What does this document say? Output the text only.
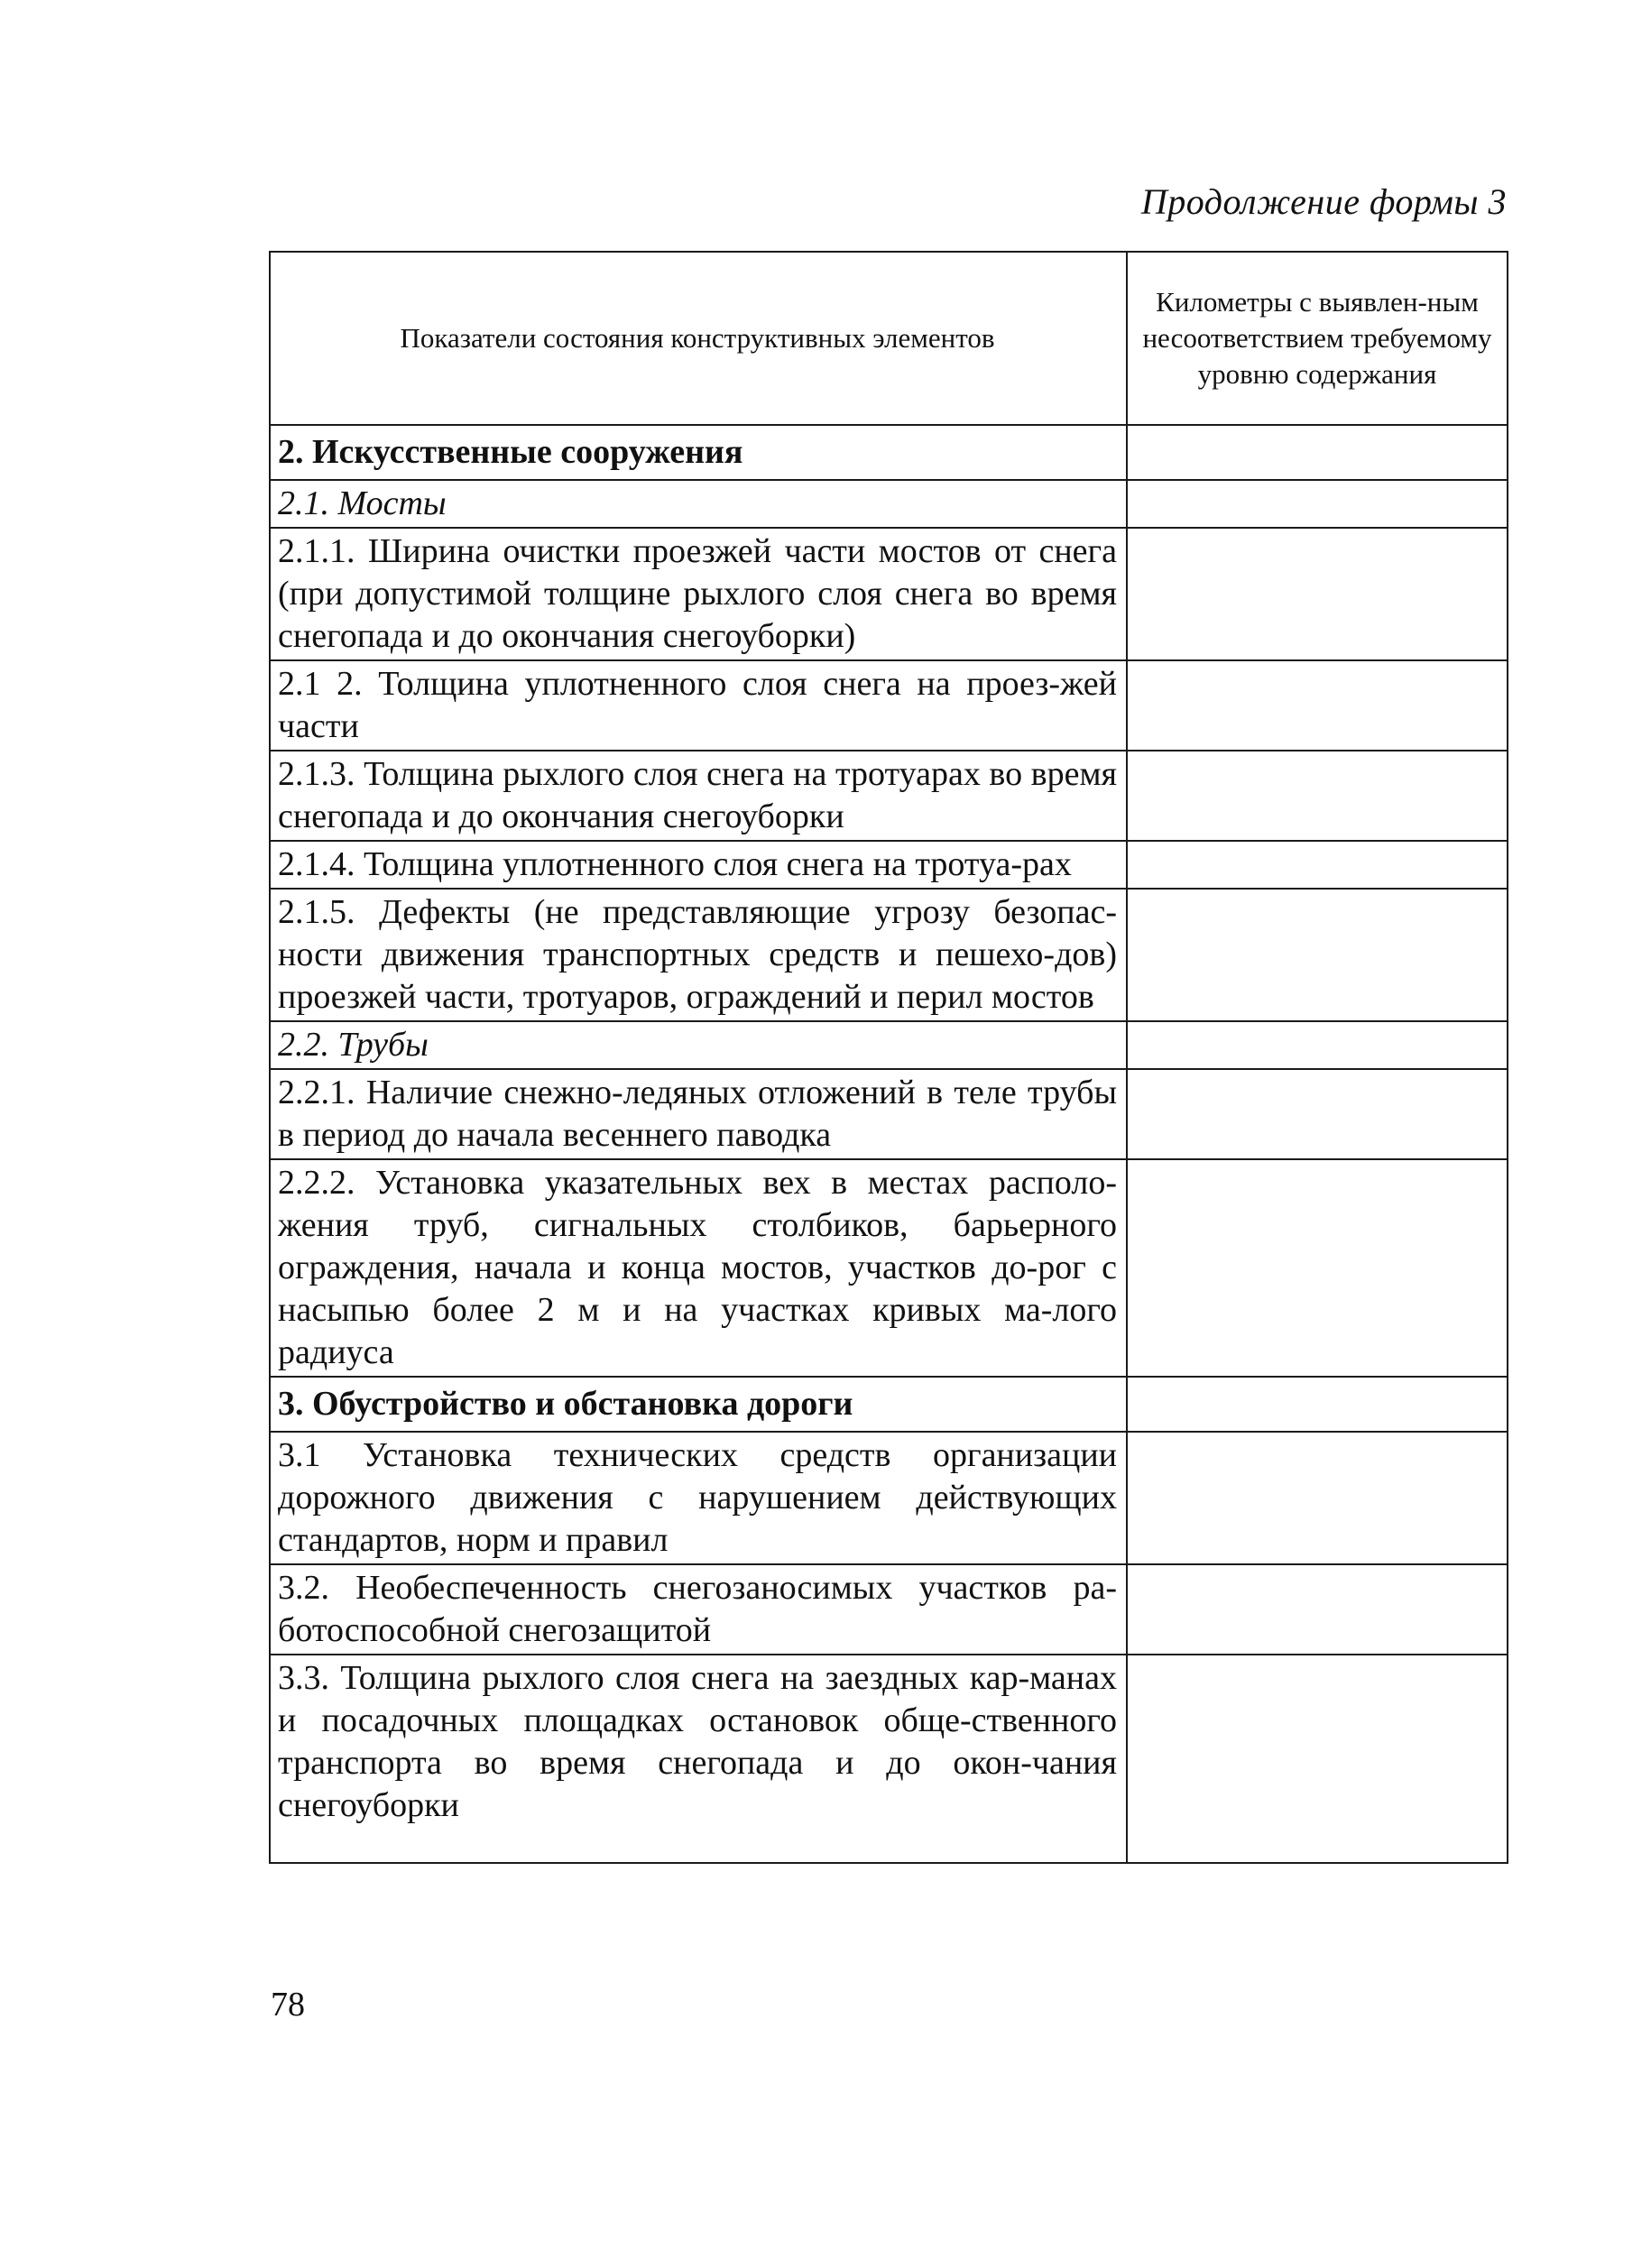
Продолжение формы 3
Показатели состояния конструктивных элементов	Километры с выявлен-ным несоответствием требуемому уровню содержания
2. Искусственные сооружения	
2.1. Мосты	
2.1.1. Ширина очистки проезжей части мостов от снега (при допустимой толщине рыхлого слоя снега во время снегопада и до окончания снегоуборки)	
2.1 2. Толщина уплотненного слоя снега на проез-жей части	
2.1.3. Толщина рыхлого слоя снега на тротуарах во время снегопада и до окончания снегоуборки	
2.1.4. Толщина уплотненного слоя снега на тротуа-рах	
2.1.5. Дефекты (не представляющие угрозу безопас-ности движения транспортных средств и пешехо-дов) проезжей части, тротуаров, ограждений и перил мостов	
2.2. Трубы	
2.2.1. Наличие снежно-ледяных отложений в теле трубы в период до начала весеннего паводка	
2.2.2. Установка указательных вех в местах располо-жения труб, сигнальных столбиков, барьерного ограждения, начала и конца мостов, участков до-рог с насыпью более 2 м и на участках кривых ма-лого радиуса	
3. Обустройство и обстановка дороги	
3.1 Установка технических средств организации дорожного движения с нарушением действующих стандартов, норм и правил	
3.2. Необеспеченность снегозаносимых участков ра-ботоспособной снегозащитой	
3.3. Толщина рыхлого слоя снега на заездных кар-манах и посадочных площадках остановок обще-ственного транспорта во время снегопада и до окон-чания снегоуборки	
78
